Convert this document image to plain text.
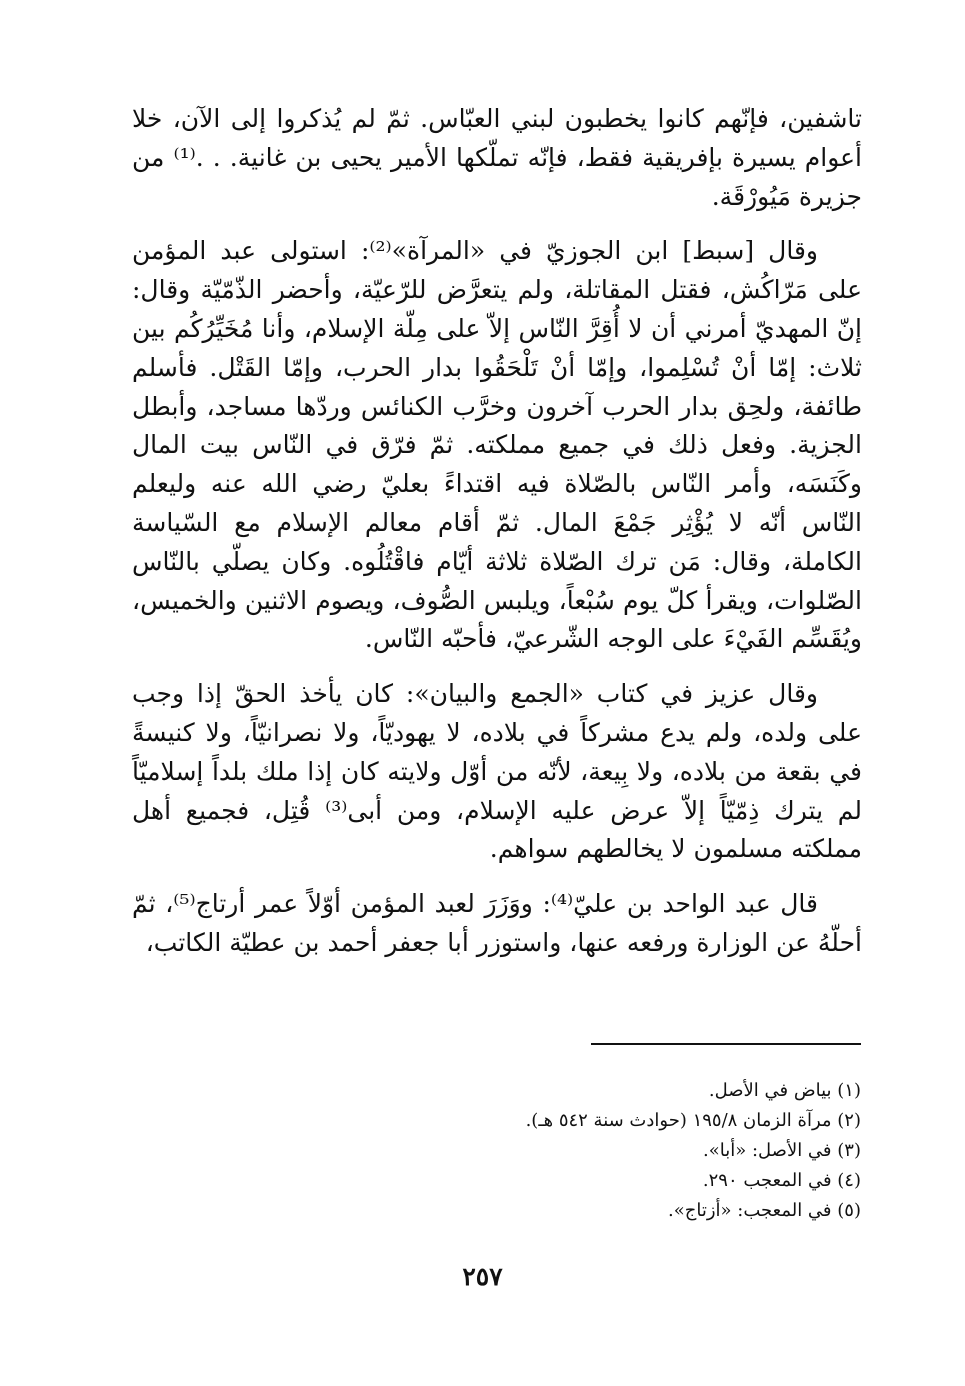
تاشفين، فإنّهم كانوا يخطبون لبني العبّاس. ثمّ لم يُذكروا إلى الآن، خلا أعوام يسيرة بإفريقية فقط، فإنّه تملّكها الأمير يحيى بن غانية. . .⁽¹⁾ من جزيرة مَيُورْقَة.

وقال [سبط] ابن الجوزيّ في «المرآة»⁽²⁾: استولى عبد المؤمن على مَرّاكُش، فقتل المقاتلة، ولم يتعرَّض للرّعيّة، وأحضر الذّمّيّة وقال: إنّ المهديّ أمرني أن لا أُقِرَّ النّاس إلاّ على مِلّة الإسلام، وأنا مُخَيِّرُكُم بين ثلاث: إمّا أنْ تُسْلِموا، وإمّا أنْ تَلْحَقُوا بدار الحرب، وإمّا القَتْل. فأسلم طائفة، ولحِق بدار الحرب آخرون وخرَّب الكنائس وردّها مساجد، وأبطل الجزية. وفعل ذلك في جميع مملكته. ثمّ فرّق في النّاس بيت المال وكَنَسَه، وأمر النّاس بالصّلاة فيه اقتداءً بعليّ رضي الله عنه وليعلم النّاس أنّه لا يُؤْثِر جَمْعَ المال. ثمّ أقام معالم الإسلام مع السّياسة الكاملة، وقال: مَن ترك الصّلاة ثلاثة أيّام فاقْتُلُوه. وكان يصلّي بالنّاس الصّلوات، ويقرأ كلّ يوم سُبْعاً، ويلبس الصُّوف، ويصوم الاثنين والخميس، ويُقَسِّم الفَيْءَ على الوجه الشّرعيّ، فأحبّه النّاس.

وقال عزيز في كتاب «الجمع والبيان»: كان يأخذ الحقّ إذا وجب على ولده، ولم يدع مشركاً في بلاده، لا يهوديّاً، ولا نصرانيّاً، ولا كنيسةً في بقعة من بلاده، ولا بِيعة، لأنّه من أوّل ولايته كان إذا ملك بلداً إسلاميّاً لم يترك ذِمّيّاً إلاّ عرض عليه الإسلام، ومن أبى⁽³⁾ قُتِل، فجميع أهل مملكته مسلمون لا يخالطهم سواهم.

قال عبد الواحد بن عليّ⁽⁴⁾: ووَزَرَ لعبد المؤمن أوّلاً عمر أرتاج⁽⁵⁾، ثمّ أحلّهُ عن الوزارة ورفعه عنها، واستوزر أبا جعفر أحمد بن عطيّة الكاتب،

(١) بياض في الأصل.

(٢) مرآة الزمان ١٩٥/٨ (حوادث سنة ٥٤٢ هـ).

(٣) في الأصل: «أبا».

(٤) في المعجب ٢٩٠.

(٥) في المعجب: «أزتاج».

٢٥٧
